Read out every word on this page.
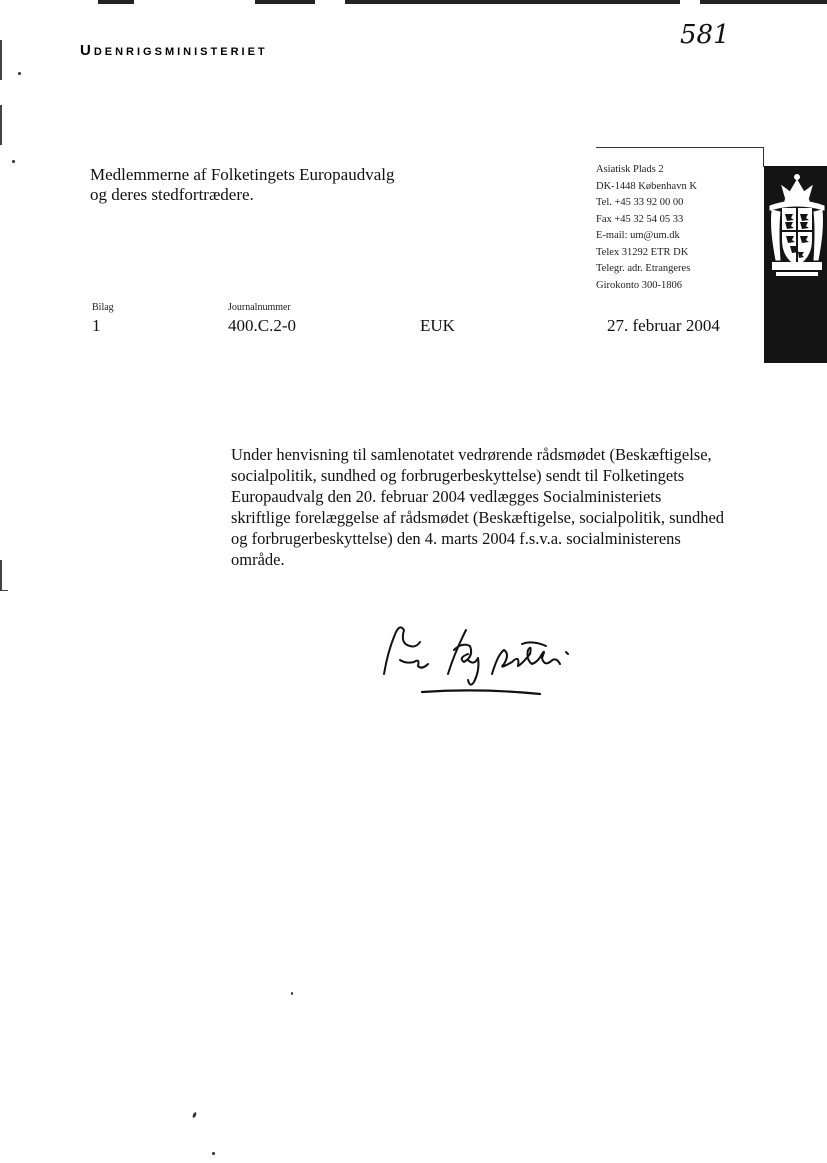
Udenrigsministeriet
581
Medlemmerne af Folketingets Europaudvalg
og deres stedfortrædere.
Asiatisk Plads 2
DK-1448 København K
Tel. +45 33 92 00 00
Fax +45 32 54 05 33
E-mail: um@um.dk
Telex 31292 ETR DK
Telegr. adr. Etrangeres
Girokonto 300-1806
Bilag
1
Journalnummer
400.C.2-0	EUK	27. februar 2004
Under henvisning til samlenotatet vedrørende rådsmødet (Beskæftigelse,
socialpolitik, sundhed og forbrugerbeskyttelse) sendt til Folketingets
Europaudvalg den 20. februar 2004 vedlægges Socialministeriets
skriftlige forelæggelse af rådsmødet (Beskæftigelse, socialpolitik, sundhed
og forbrugerbeskyttelse) den 4. marts 2004 f.s.v.a. socialministerens
område.
